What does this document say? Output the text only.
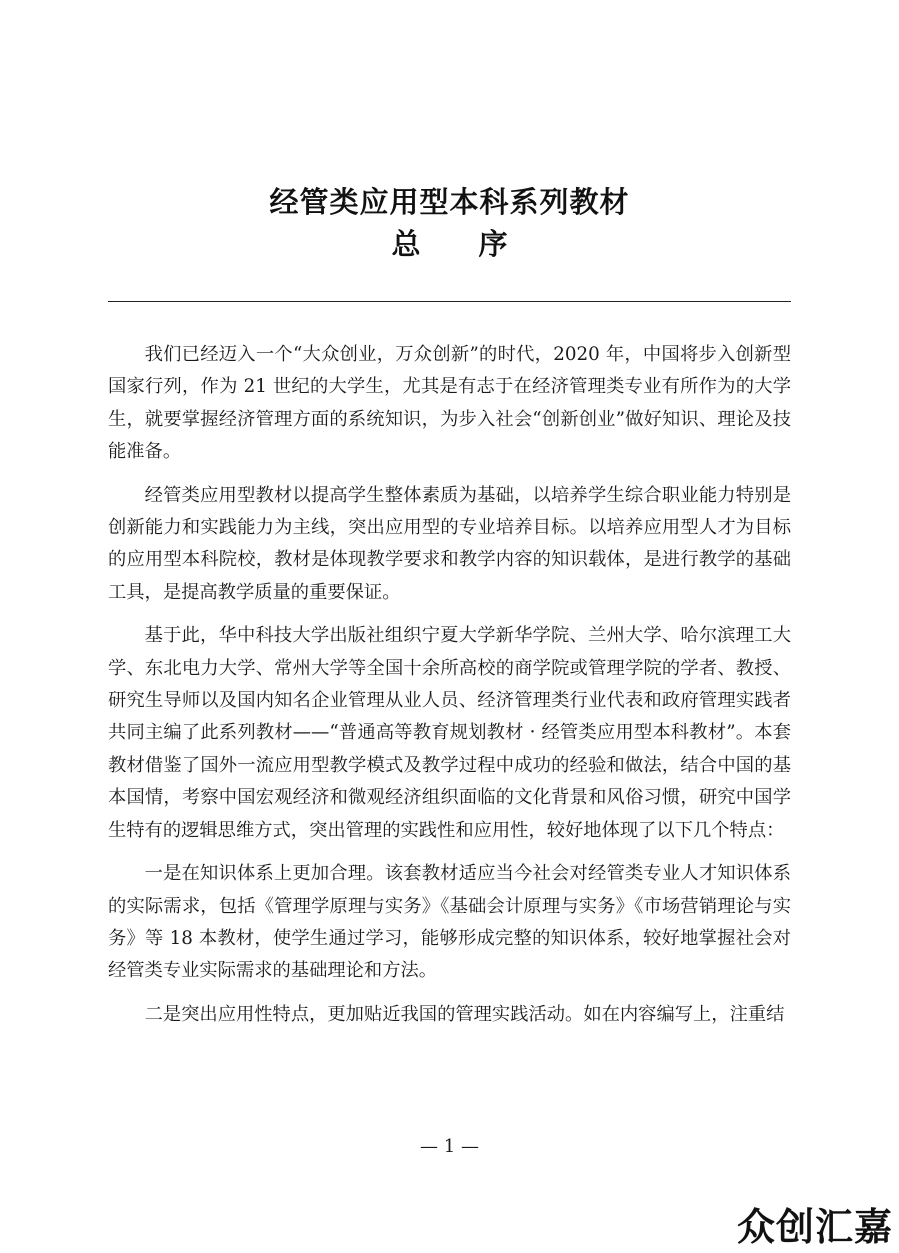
经管类应用型本科系列教材
总序

我们已经迈入一个“大众创业，万众创新”的时代，2020 年，中国将步入创新型国家行列，作为 21 世纪的大学生，尤其是有志于在经济管理类专业有所作为的大学生，就要掌握经济管理方面的系统知识，为步入社会“创新创业”做好知识、理论及技能准备。

经管类应用型教材以提高学生整体素质为基础，以培养学生综合职业能力特别是创新能力和实践能力为主线，突出应用型的专业培养目标。以培养应用型人才为目标的应用型本科院校，教材是体现教学要求和教学内容的知识载体，是进行教学的基础工具，是提高教学质量的重要保证。

基于此，华中科技大学出版社组织宁夏大学新华学院、兰州大学、哈尔滨理工大学、东北电力大学、常州大学等全国十余所高校的商学院或管理学院的学者、教授、研究生导师以及国内知名企业管理从业人员、经济管理类行业代表和政府管理实践者共同主编了此系列教材——“普通高等教育规划教材 · 经管类应用型本科教材”。本套教材借鉴了国外一流应用型教学模式及教学过程中成功的经验和做法，结合中国的基本国情，考察中国宏观经济和微观经济组织面临的文化背景和风俗习惯，研究中国学生特有的逻辑思维方式，突出管理的实践性和应用性，较好地体现了以下几个特点：

一是在知识体系上更加合理。该套教材适应当今社会对经管类专业人才知识体系的实际需求，包括《管理学原理与实务》《基础会计原理与实务》《市场营销理论与实务》等 18 本教材，使学生通过学习，能够形成完整的知识体系，较好地掌握社会对经管类专业实际需求的基础理论和方法。

二是突出应用性特点，更加贴近我国的管理实践活动。如在内容编写上，注重结

— 1 —
众创汇嘉
